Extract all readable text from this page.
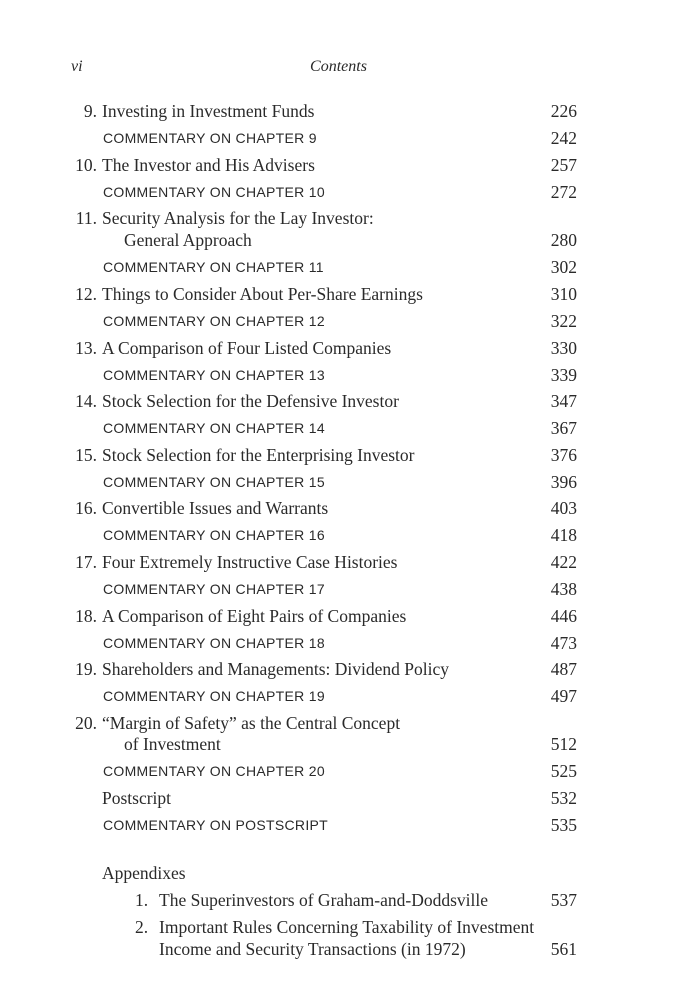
vi	Contents
9. Investing in Investment Funds	226
COMMENTARY ON CHAPTER 9	242
10. The Investor and His Advisers	257
COMMENTARY ON CHAPTER 10	272
11. Security Analysis for the Lay Investor:
General Approach	280
COMMENTARY ON CHAPTER 11	302
12. Things to Consider About Per-Share Earnings	310
COMMENTARY ON CHAPTER 12	322
13. A Comparison of Four Listed Companies	330
COMMENTARY ON CHAPTER 13	339
14. Stock Selection for the Defensive Investor	347
COMMENTARY ON CHAPTER 14	367
15. Stock Selection for the Enterprising Investor	376
COMMENTARY ON CHAPTER 15	396
16. Convertible Issues and Warrants	403
COMMENTARY ON CHAPTER 16	418
17. Four Extremely Instructive Case Histories	422
COMMENTARY ON CHAPTER 17	438
18. A Comparison of Eight Pairs of Companies	446
COMMENTARY ON CHAPTER 18	473
19. Shareholders and Managements: Dividend Policy	487
COMMENTARY ON CHAPTER 19	497
20. “Margin of Safety” as the Central Concept
of Investment	512
COMMENTARY ON CHAPTER 20	525
Postscript	532
COMMENTARY ON POSTSCRIPT	535
Appendixes
1. The Superinvestors of Graham-and-Doddsville	537
2. Important Rules Concerning Taxability of Investment
Income and Security Transactions (in 1972)	561
